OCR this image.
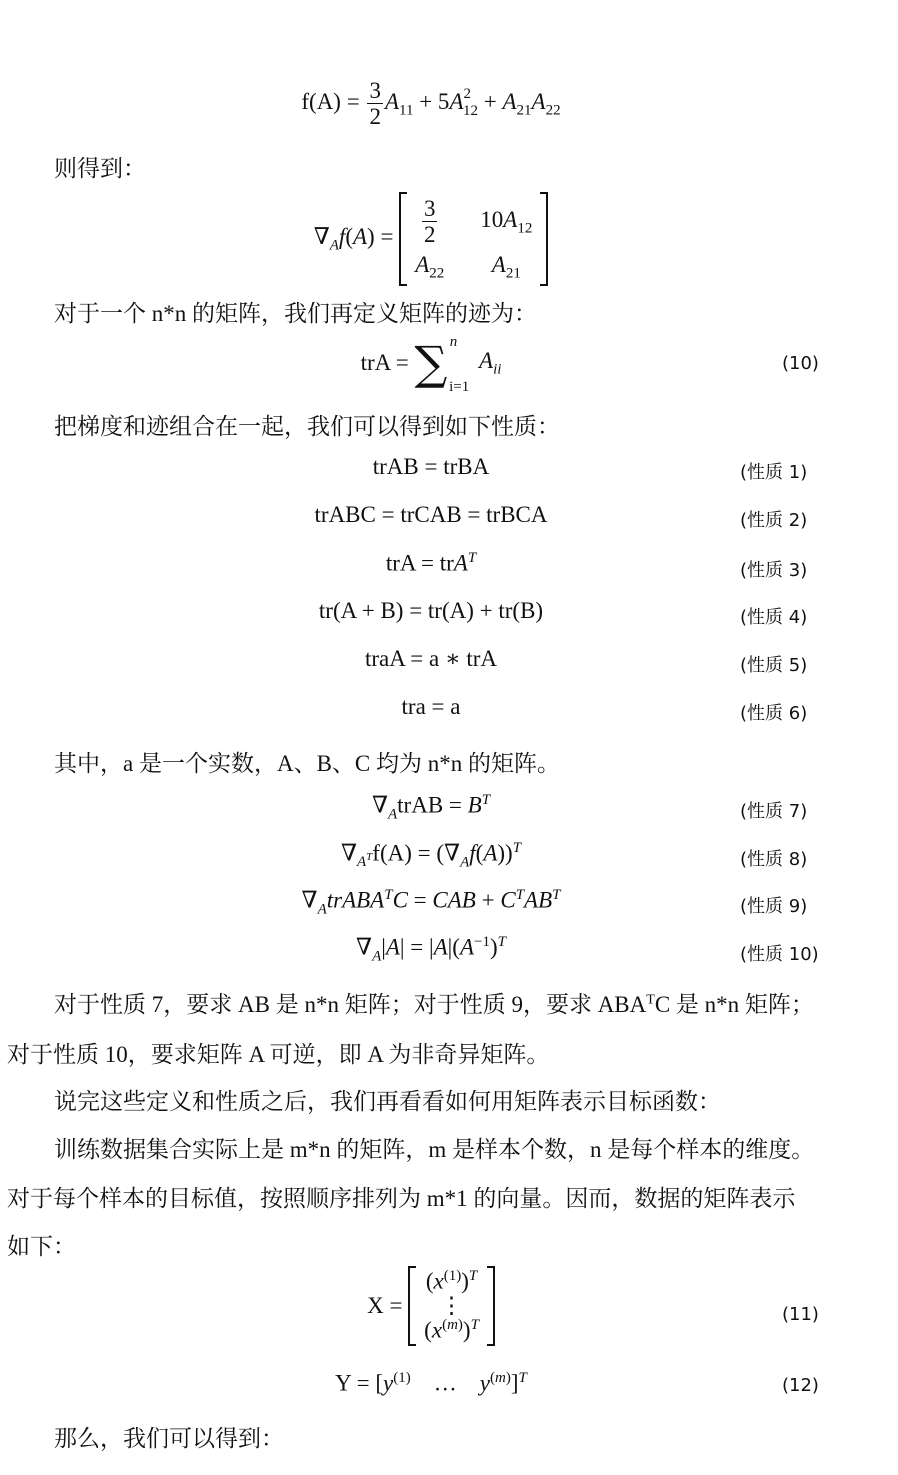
$f(A) = \frac{3}{2} A_{11} + 5A^2_{12} + A_{21}A_{22}$
则得到：
$\nabla_Af(A) = \frac{3}{2} 10A_{12}$
$A_{22}$ $A_{21}$
对于一个 n*n 的矩阵，我们再定义矩阵的迹为：
trA = ∑ n
i=1
$A_{ii}$	(10)
把梯度和迹组合在一起，我们可以得到如下性质：
trAB = trBA	(性质 1)
trABC = trCAB = trBCA	(性质 2)
trA = trA$^T$
(性质 3)
tr(A + B) = tr(A) + tr(B)	(性质 4)
traA = a ∗ trA	(性质 5)
tra = a	(性质 6)
其中，a 是一个实数，A、B、C 均为 n*n 的矩阵。
$\nabla_AtrAB = B^T$
(性质 7)
$\nabla_{A^T}f(A) = (\nabla_Af(A))^T$
(性质 8)
$\nabla_AtrABA^TC$ = CAB + $C^TAB^T$
(性质 9)
$\nabla_A|A| = |A|(A^{-1})^T$
(性质 10)
对于性质 7，要求 AB 是 n*n 矩阵；对于性质 9，要求 $ABA^TC$ 是 n*n 矩阵；
对于性质 10，要求矩阵 A 可逆，即 A 为非奇异矩阵。
说完这些定义和性质之后，我们再看看如何用矩阵表示目标函数：
训练数据集合实际上是 m*n 的矩阵，m 是样本个数，n 是每个样本的维度。
对于每个样本的目标值，按照顺序排列为 m*1 的向量。因而，数据的矩阵表示
如下：
X =
$(x^{(1)})^T$
⋮
$(x^{(m)})^T$
(11)
$Y = [y^{(1)}$    …    $y^{(m)}]^T$	(12)
那么，我们可以得到：
